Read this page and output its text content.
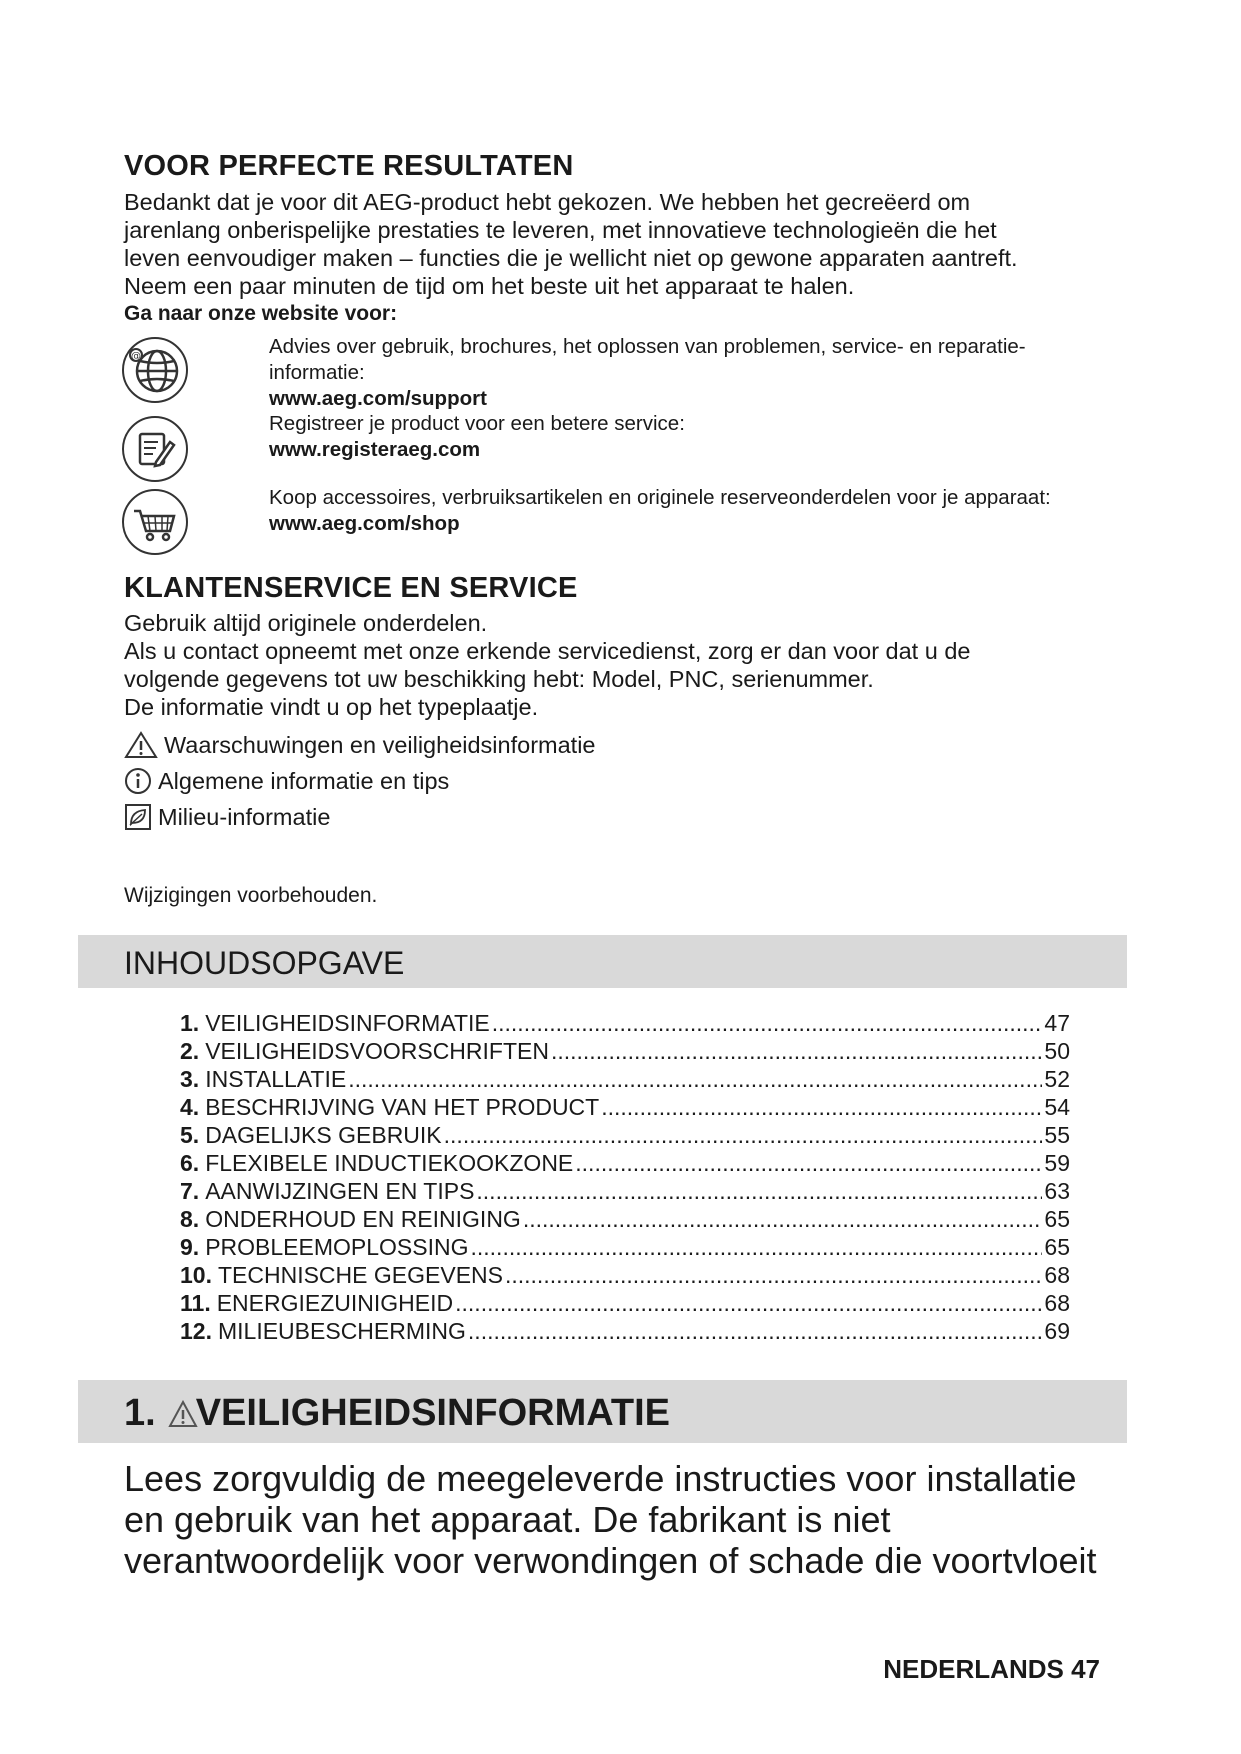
VOOR PERFECTE RESULTATEN

Bedankt dat je voor dit AEG-product hebt gekozen. We hebben het gecreëerd om

jarenlang onberispelijke prestaties te leveren, met innovatieve technologieën die het

leven eenvoudiger maken – functies die je wellicht niet op gewone apparaten aantreft.

Neem een paar minuten de tijd om het beste uit het apparaat te halen.

Ga naar onze website voor:

@	Advies over gebruik, brochures, het oplossen van problemen, service- en reparatie-

informatie:

www.aeg.com/support

Registreer je product voor een betere service:

www.registeraeg.com

Koop accessoires, verbruiksartikelen en originele reserveonderdelen voor je apparaat:

www.aeg.com/shop

KLANTENSERVICE EN SERVICE

Gebruik altijd originele onderdelen.

Als u contact opneemt met onze erkende servicedienst, zorg er dan voor dat u de

volgende gegevens tot uw beschikking hebt: Model, PNC, serienummer.

De informatie vindt u op het typeplaatje.

Waarschuwingen en veiligheidsinformatie
Algemene informatie en tips
Milieu-informatie
Wijzigingen voorbehouden.
INHOUDSOPGAVE
1. VEILIGHEIDSINFORMATIE .....	47
2. VEILIGHEIDSVOORSCHRIFTEN .....	50
3. INSTALLATIE .....	52
4. BESCHRIJVING VAN HET PRODUCT .....	54
5. DAGELIJKS GEBRUIK .....	55
6. FLEXIBELE INDUCTIEKOOKZONE .....	59
7. AANWIJZINGEN EN TIPS .....	63
8. ONDERHOUD EN REINIGING .....	65
9. PROBLEEMOPLOSSING .....	65
10. TECHNISCHE GEGEVENS .....	68
11. ENERGIEZUINIGHEID .....	68
12. MILIEUBESCHERMING .....	69
1. VEILIGHEIDSINFORMATIE

Lees zorgvuldig de meegeleverde instructies voor installatie

en gebruik van het apparaat. De fabrikant is niet

verantwoordelijk voor verwondingen of schade die voortvloeit

NEDERLANDS 47
